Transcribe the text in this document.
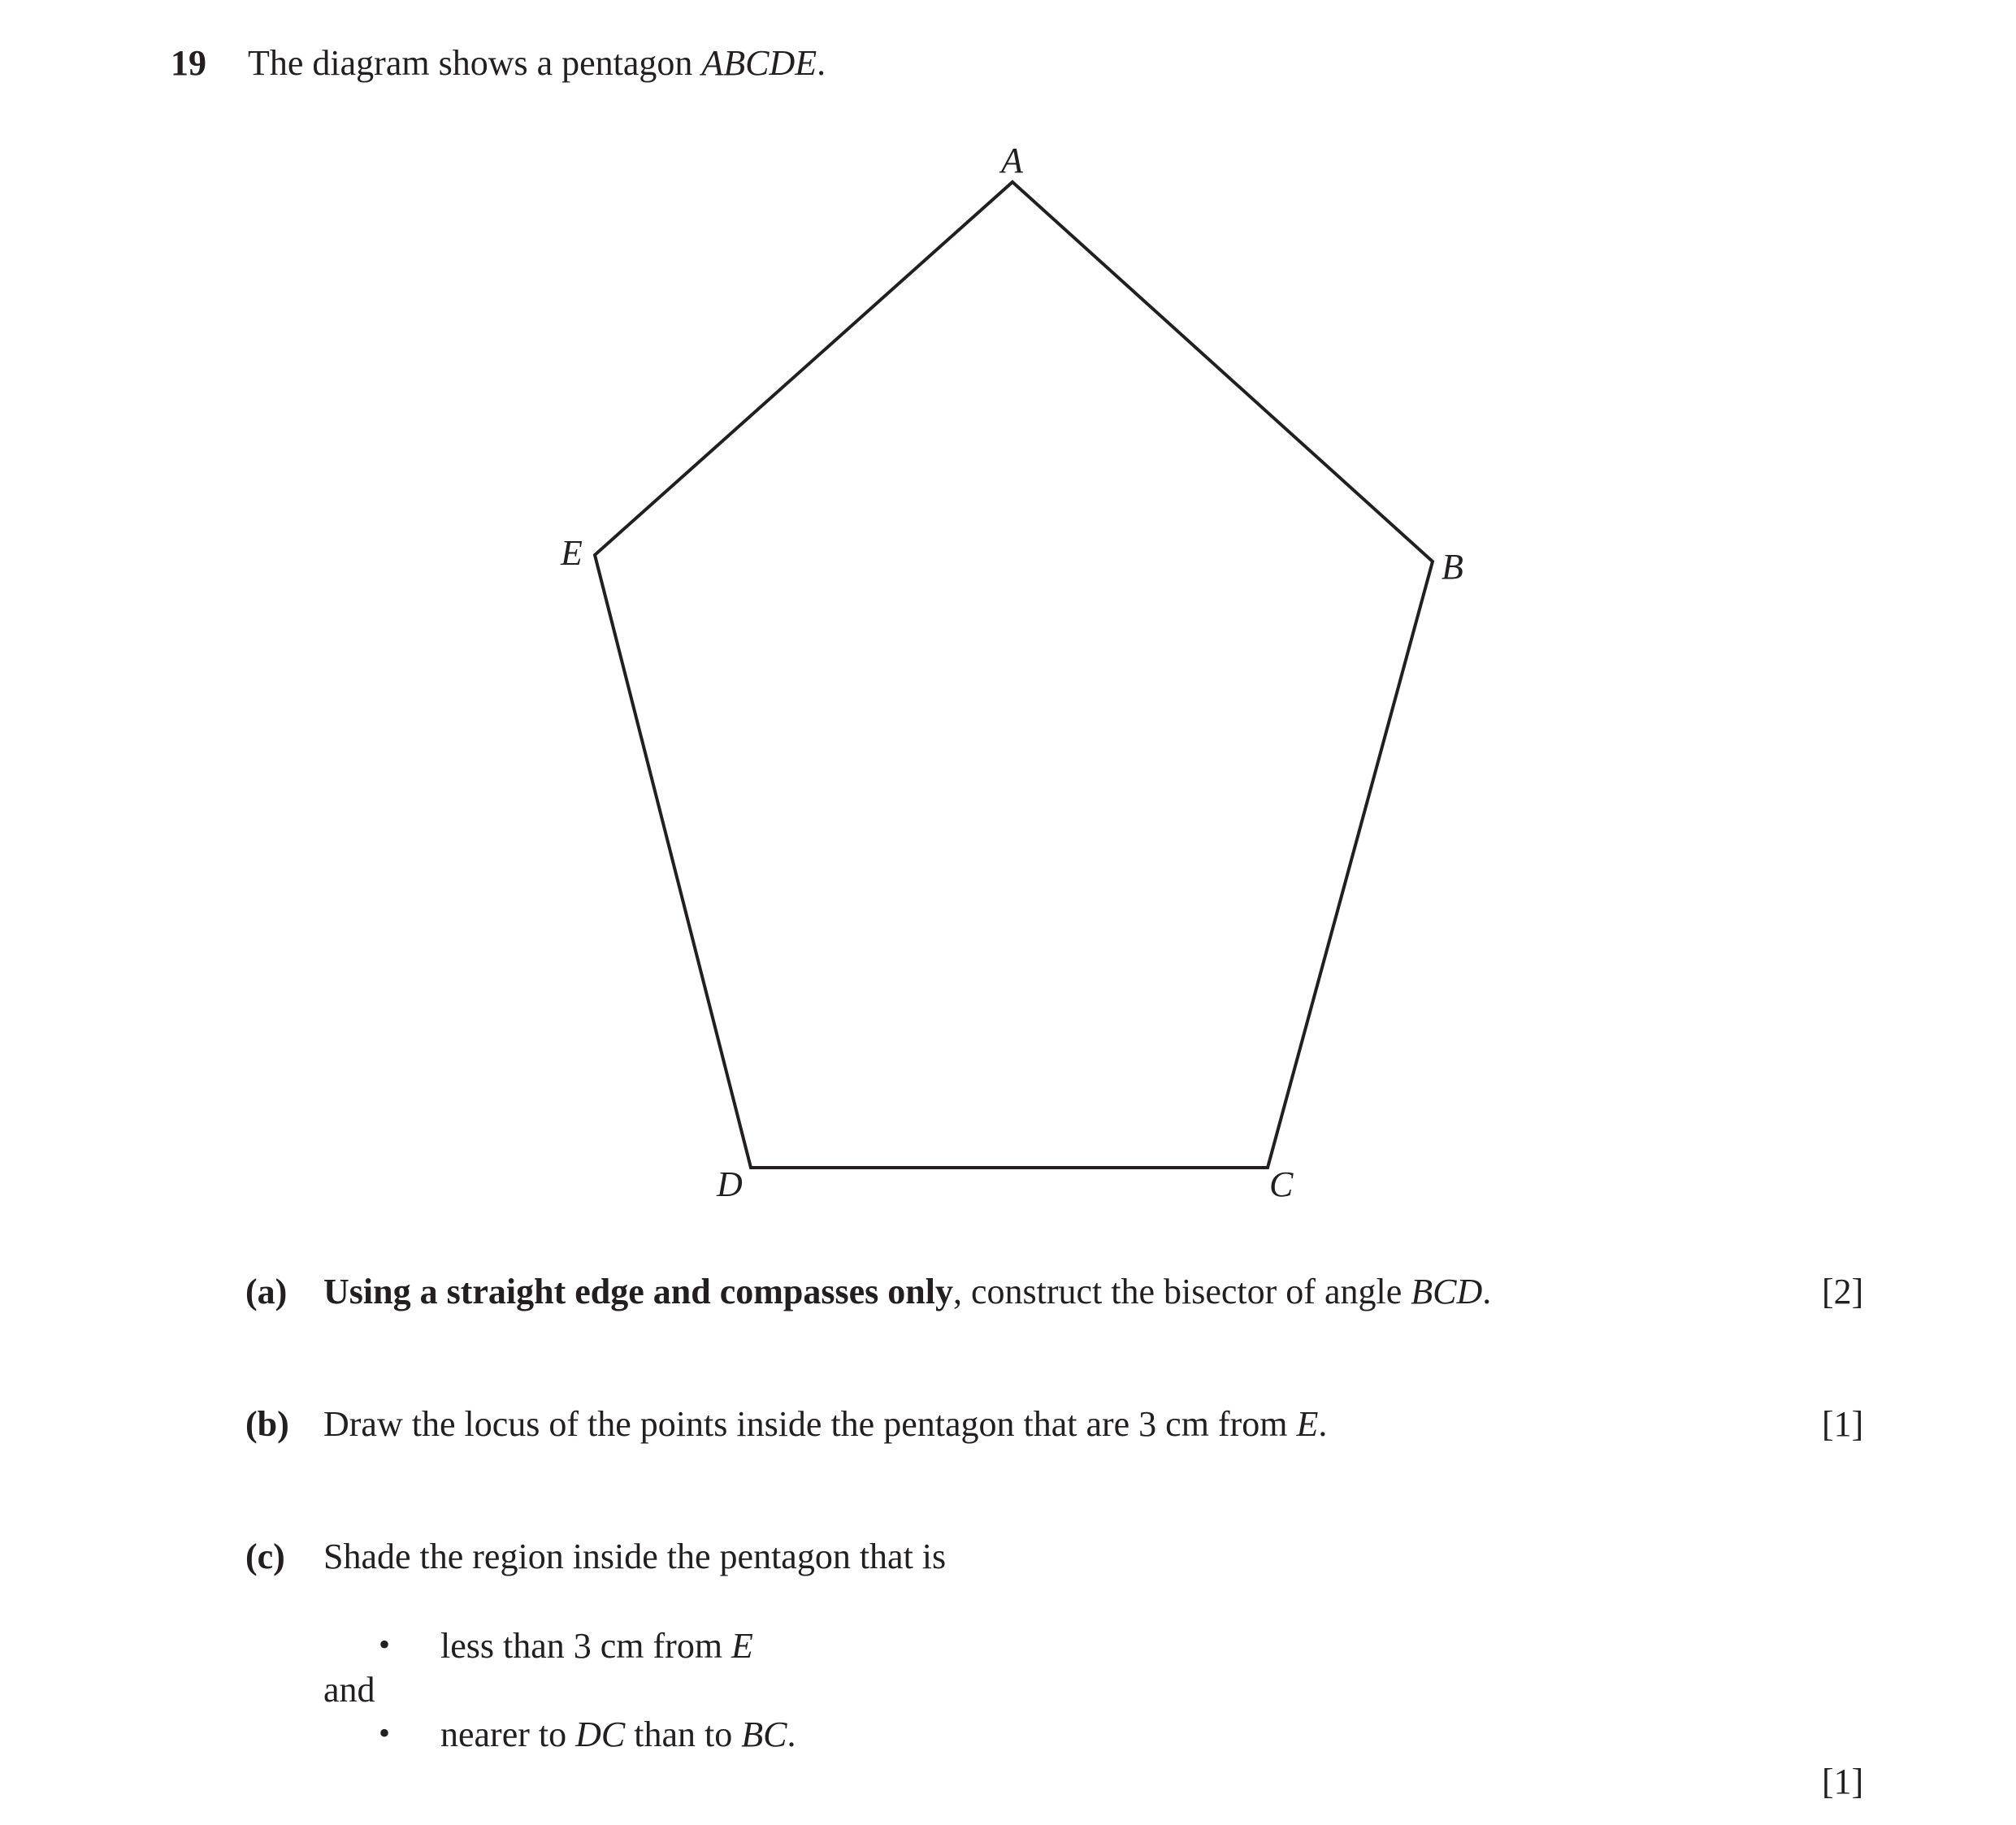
19 The diagram shows a pentagon ABCDE.
A
B
C
D
E
(a) Using a straight edge and compasses only, construct the bisector of angle BCD.	[2]
(b) Draw the locus of the points inside the pentagon that are 3 cm from E.	[1]
(c) Shade the region inside the pentagon that is
• less than 3 cm from E
and
• nearer to DC than to BC.
[1]
